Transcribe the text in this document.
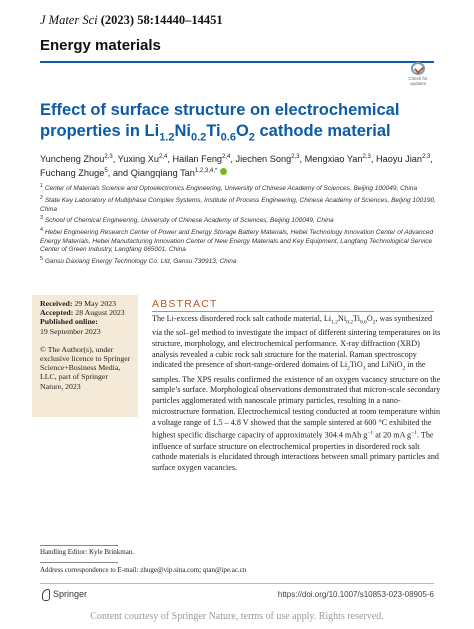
J Mater Sci (2023) 58:14440–14451
Energy materials
Check for
updates
Effect of surface structure on electrochemical properties in $Li_{1.2}Ni_{0.2}Ti_{0.6}O_2$ cathode material
Yuncheng Zhou$^{2,3}$, Yuxing Xu$^{2,4}$, Hailan Feng$^{2,4}$, Jiechen Song$^{2,3}$, Mengxiao Yan$^{2,3}$, Haoyu Jian$^{2,3}$, Fuchang Zhuge$^5$, and Qiangqiang Tan$^{1,2,3,4,*}$
$^1$ Center of Materials Science and Optoelectronics Engineering, University of Chinese Academy of Sciences, Beijing 100049, China
$^2$ State Key Laboratory of Multiphase Complex Systems, Institute of Process Engineering, Chinese Academy of Sciences, Beijing 100190, China
$^3$ School of Chemical Engineering, University of Chinese Academy of Sciences, Beijing 100049, China
$^4$ Hebei Engineering Research Center of Power and Energy Storage Battery Materials, Hebei Technology Innovation Center of Advanced Energy Materials, Hebei Manufacturing Innovation Center of New Energy Materials and Key Equipment, Langfang Technological Service Center of Green Industry, Langfang 065001, China
$^5$ Gansu Daxiang Energy Technology Co. Ltd, Gansu 730913, China
Received: 29 May 2023
Accepted: 28 August 2023
Published online:
19 September 2023
© The Author(s), under exclusive licence to Springer Science+Business Media, LLC, part of Springer Nature, 2023
ABSTRACT
The Li-excess disordered rock salt cathode material, $Li_{1.2}Ni_{0.2}Ti_{0.6}O_2$, was synthesized via the sol–gel method to investigate the impact of different sintering temperatures on its structure, morphology, and electrochemical performance. X-ray diffraction (XRD) analysis revealed a cubic rock salt structure for the material. Raman spectroscopy indicated the presence of short-range-ordered domains of $Li_2TiO_3$ and LiNiO$_2$ in the samples. The XPS results confirmed the existence of an oxygen vacancy structure on the sample’s surface. Morphological observations demonstrated that micron-scale secondary particles agglomerated with nanoscale primary particles, resulting in a nano-microstructure formation. Electrochemical testing conducted at room temperature within a voltage range of 1.5 – 4.8 V showed that the sample sintered at 600 °C exhibited the highest specific discharge capacity of approximately 304.4 mAh $g^{-1}$ at 20 mA $g^{-1}$. The influence of surface structure on electrochemical properties in disordered rock salt cathode materials is elucidated through interactions between small primary particles and surface oxygen vacancies.
Handling Editor: Kyle Brinkman.
Address correspondence to E-mail: zhuge@vip.sina.com; qtan@ipe.ac.cn
Springer	https://doi.org/10.1007/s10853-023-08905-6
Content courtesy of Springer Nature, terms of use apply. Rights reserved.
